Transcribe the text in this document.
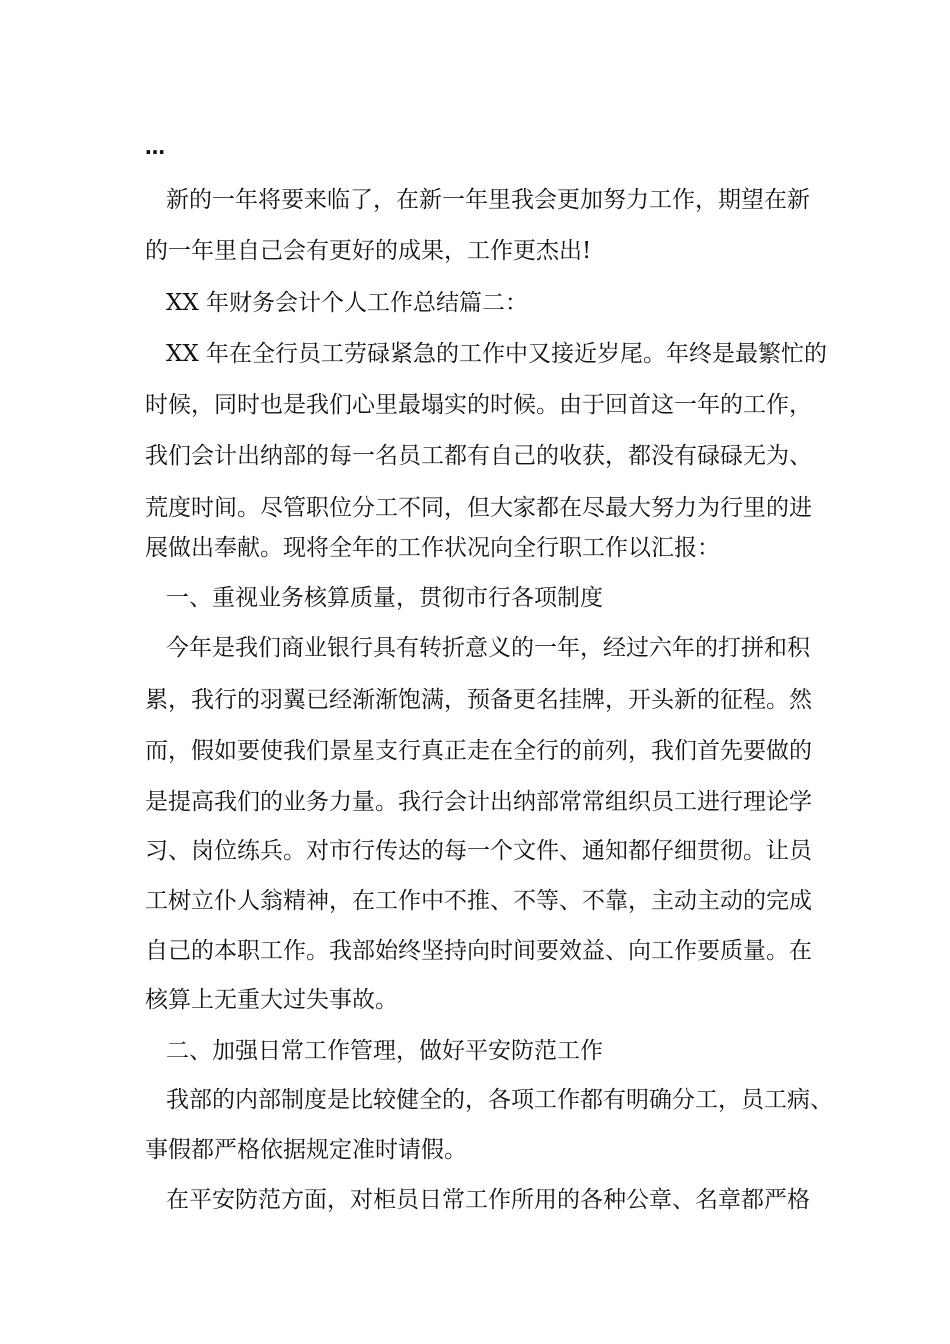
…
新的一年将要来临了，在新一年里我会更加努力工作，期望在新
的一年里自己会有更好的成果，工作更杰出!
XX 年财务会计个人工作总结篇二：
XX 年在全行员工劳碌紧急的工作中又接近岁尾。年终是最繁忙的
时候，同时也是我们心里最塌实的时候。由于回首这一年的工作，
我们会计出纳部的每一名员工都有自己的收获，都没有碌碌无为、
荒度时间。尽管职位分工不同，但大家都在尽最大努力为行里的进
展做出奉献。现将全年的工作状况向全行职工作以汇报：
一、重视业务核算质量，贯彻市行各项制度
今年是我们商业银行具有转折意义的一年，经过六年的打拼和积
累，我行的羽翼已经渐渐饱满，预备更名挂牌，开头新的征程。然
而，假如要使我们景星支行真正走在全行的前列，我们首先要做的
是提高我们的业务力量。我行会计出纳部常常组织员工进行理论学
习、岗位练兵。对市行传达的每一个文件、通知都仔细贯彻。让员
工树立仆人翁精神，在工作中不推、不等、不靠，主动主动的完成
自己的本职工作。我部始终坚持向时间要效益、向工作要质量。在
核算上无重大过失事故。
二、加强日常工作管理，做好平安防范工作
我部的内部制度是比较健全的，各项工作都有明确分工，员工病、
事假都严格依据规定准时请假。
在平安防范方面，对柜员日常工作所用的各种公章、名章都严格
